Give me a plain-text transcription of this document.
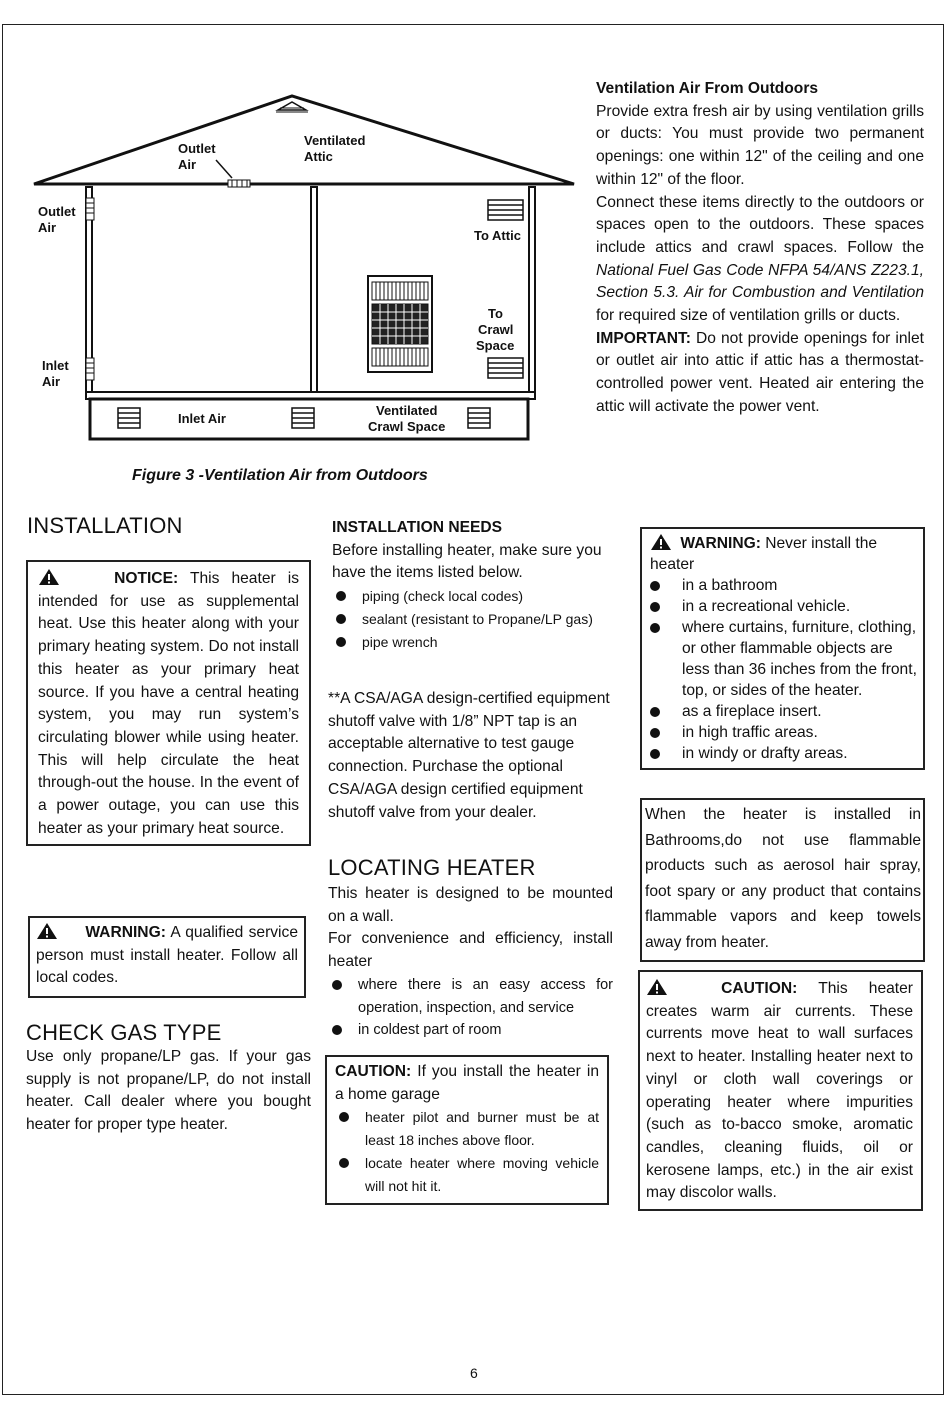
Outlet Air
Ventilated Attic
Outlet Air
To Attic
To Crawl Space
Inlet Air
Inlet Air
Ventilated Crawl Space
Figure 3 -Ventilation Air from Outdoors

Ventilation Air From Outdoors

Provide extra fresh air by using ventilation grills or ducts: You must provide two permanent openings: one within 12" of the ceiling and one within 12" of the floor.

Connect these items directly to the outdoors or spaces open to the outdoors. These spaces include attics and crawl spaces. Follow the National Fuel Gas Code NFPA 54/ANS Z223.1, Section 5.3. Air for Combustion and Ventilation for required size of ventilation grills or ducts.

IMPORTANT: Do not provide openings for inlet or outlet air into attic if attic has a thermostat-controlled power vent. Heated air entering the attic will activate the power vent.

INSTALLATION

NOTICE: This heater is intended for use as supplemental heat. Use this heater along with your primary heating system. Do not install this heater as your primary heat source. If you have a central heating system, you may run system’s circulating blower while using heater. This will help circulate the heat through-out the house. In the event of a power outage, you can use this heater as your primary heat source.

WARNING: A qualified service person must install heater. Follow all local codes.

CHECK GAS TYPE
Use only propane/LP gas. If your gas supply is not propane/LP, do not install heater. Call dealer where you bought heater for proper type heater.

INSTALLATION NEEDS

Before installing heater, make sure you have the items listed below.

piping (check local codes)
sealant (resistant to Propane/LP gas)
pipe wrench
**A CSA/AGA design-certified equipment shutoff valve with 1/8” NPT tap is an acceptable alternative to test gauge connection. Purchase the optional CSA/AGA design certified equipment shutoff valve from your dealer.
LOCATING HEATER

This heater is designed to be mounted on a wall.

For convenience and efficiency, install heater

where there is an easy access for operation, inspection, and service
in coldest part of room

CAUTION: If you install the heater in a home garage

heater pilot and burner must be at least 18 inches above floor.
locate heater where moving vehicle will not hit it.

WARNING: Never install the heater

in a bathroom
in a recreational vehicle.
where curtains, furniture, clothing, or other flammable objects are less than 36 inches from the front, top, or sides of the heater.
as a fireplace insert.
in high traffic areas.
in windy or drafty areas.
When the heater is installed in Bathrooms,do not use flammable products such as aerosol hair spray, foot spary or any product that contains flammable vapors and keep towels away from heater.

CAUTION: This heater creates warm air currents. These currents move heat to wall surfaces next to heater. Installing heater next to vinyl or cloth wall coverings or operating heater where impurities (such as to-bacco smoke, aromatic candles, cleaning fluids, oil or kerosene lamps, etc.) in the air exist may discolor walls.

6
